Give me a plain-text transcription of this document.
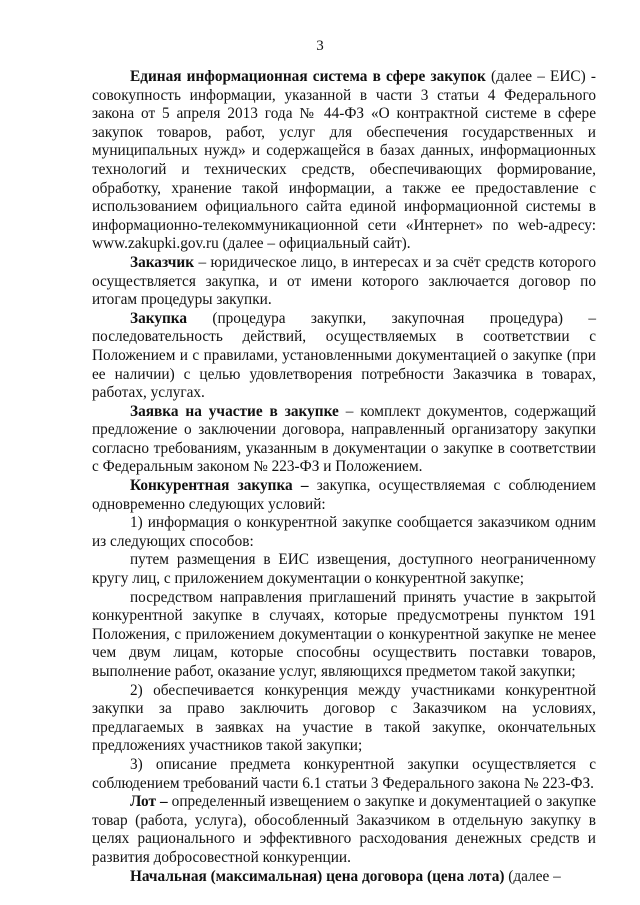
3

Единая информационная система в сфере закупок (далее – ЕИС) - совокупность информации, указанной в части 3 статьи 4 Федерального закона от 5 апреля 2013 года № 44-ФЗ «О контрактной системе в сфере закупок товаров, работ, услуг для обеспечения государственных и муниципальных нужд» и содержащейся в базах данных, информационных технологий и технических средств, обеспечивающих формирование, обработку, хранение такой информации, а также ее предоставление с использованием официального сайта единой информационной системы в информационно-телекоммуникационной сети «Интернет» по web-адресу: www.zakupki.gov.ru (далее – официальный сайт).

Заказчик – юридическое лицо, в интересах и за счёт средств которого осуществляется закупка, и от имени которого заключается договор по итогам процедуры закупки.

Закупка (процедура закупки, закупочная процедура) – последовательность действий, осуществляемых в соответствии с Положением и с правилами, установленными документацией о закупке (при ее наличии) с целью удовлетворения потребности Заказчика в товарах, работах, услугах.

Заявка на участие в закупке – комплект документов, содержащий предложение о заключении договора, направленный организатору закупки согласно требованиям, указанным в документации о закупке в соответствии с Федеральным законом № 223-ФЗ и Положением.

Конкурентная закупка – закупка, осуществляемая с соблюдением одновременно следующих условий:

1) информация о конкурентной закупке сообщается заказчиком одним из следующих способов:

путем размещения в ЕИС извещения, доступного неограниченному кругу лиц, с приложением документации о конкурентной закупке;

посредством направления приглашений принять участие в закрытой конкурентной закупке в случаях, которые предусмотрены пунктом 191 Положения, с приложением документации о конкурентной закупке не менее чем двум лицам, которые способны осуществить поставки товаров, выполнение работ, оказание услуг, являющихся предметом такой закупки;

2) обеспечивается конкуренция между участниками конкурентной закупки за право заключить договор с Заказчиком на условиях, предлагаемых в заявках на участие в такой закупке, окончательных предложениях участников такой закупки;

3) описание предмета конкурентной закупки осуществляется с соблюдением требований части 6.1 статьи 3 Федерального закона № 223-ФЗ.

Лот – определенный извещением о закупке и документацией о закупке товар (работа, услуга), обособленный Заказчиком в отдельную закупку в целях рационального и эффективного расходования денежных средств и развития добросовестной конкуренции.

Начальная (максимальная) цена договора (цена лота) (далее –
